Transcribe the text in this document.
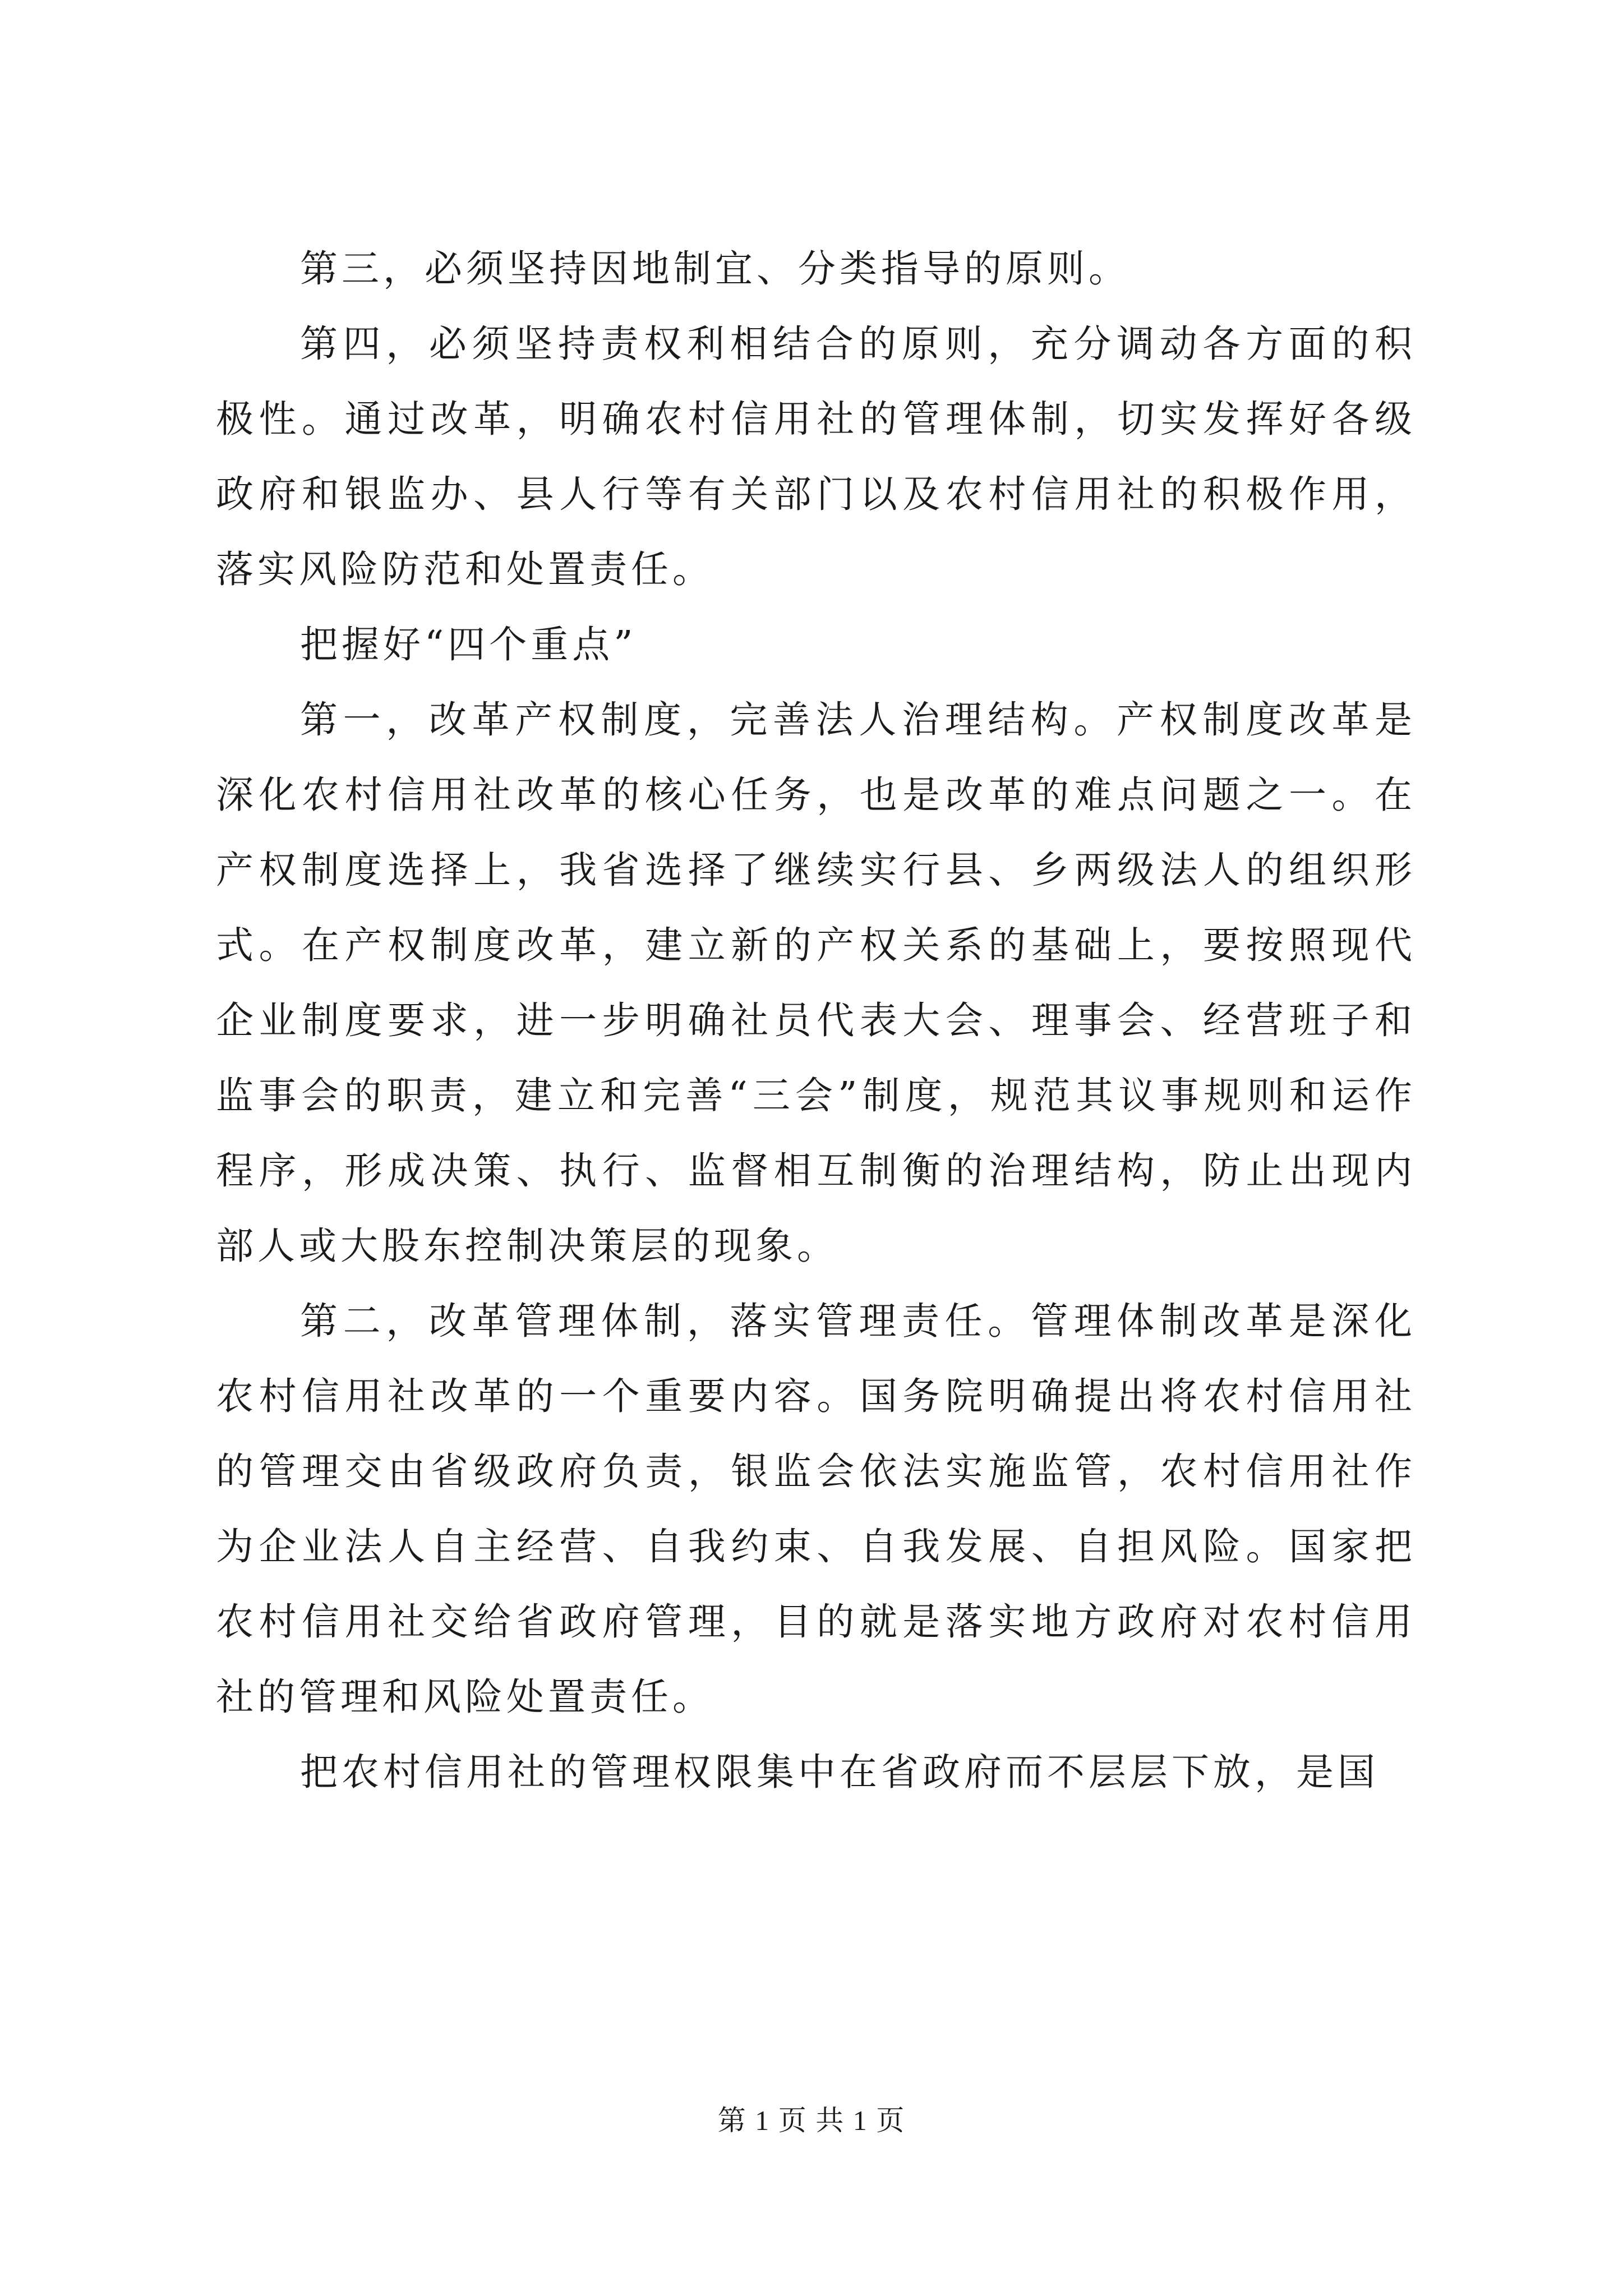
第三，必须坚持因地制宜、分类指导的原则。

第四，必须坚持责权利相结合的原则，充分调动各方面的积极性。通过改革，明确农村信用社的管理体制，切实发挥好各级政府和银监办、县人行等有关部门以及农村信用社的积极作用，落实风险防范和处置责任。

把握好“四个重点”

第一，改革产权制度，完善法人治理结构。产权制度改革是深化农村信用社改革的核心任务，也是改革的难点问题之一。在产权制度选择上，我省选择了继续实行县、乡两级法人的组织形式。在产权制度改革，建立新的产权关系的基础上，要按照现代企业制度要求，进一步明确社员代表大会、理事会、经营班子和监事会的职责，建立和完善“三会”制度，规范其议事规则和运作程序，形成决策、执行、监督相互制衡的治理结构，防止出现内部人或大股东控制决策层的现象。

第二，改革管理体制，落实管理责任。管理体制改革是深化农村信用社改革的一个重要内容。国务院明确提出将农村信用社的管理交由省级政府负责，银监会依法实施监管，农村信用社作为企业法人自主经营、自我约束、自我发展、自担风险。国家把农村信用社交给省政府管理，目的就是落实地方政府对农村信用社的管理和风险处置责任。

把农村信用社的管理权限集中在省政府而不层层下放，是国

第 1 页 共 1 页
